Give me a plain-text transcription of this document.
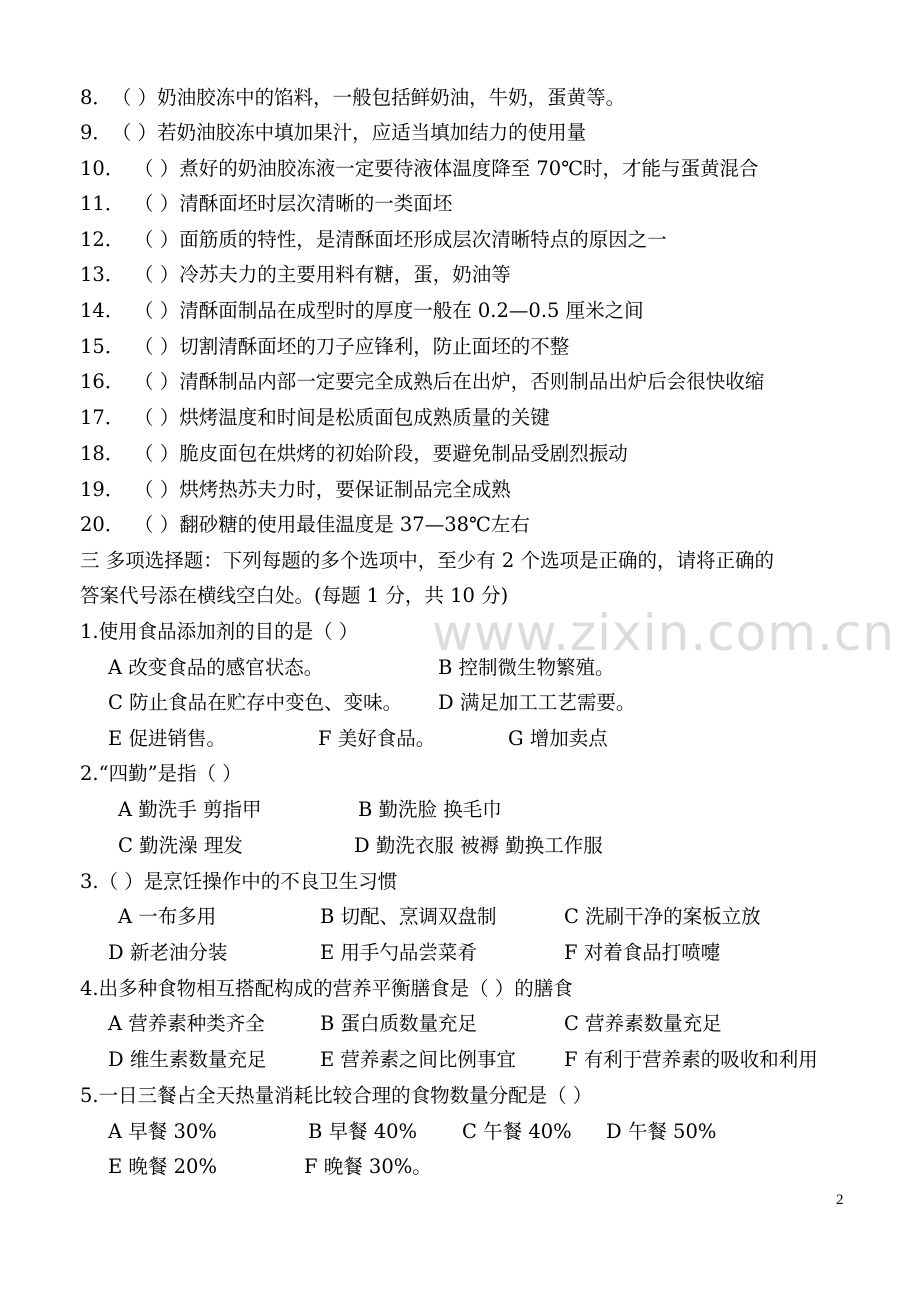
8．（ ）奶油胶冻中的馅料，一般包括鲜奶油，牛奶，蛋黄等。
9．（ ）若奶油胶冻中填加果汁，应适当填加结力的使用量
10． （ ）煮好的奶油胶冻液一定要待液体温度降至 70℃时，才能与蛋黄混合
11． （ ）清酥面坯时层次清晰的一类面坯
12． （ ）面筋质的特性，是清酥面坯形成层次清晰特点的原因之一
13． （ ）冷苏夫力的主要用料有糖，蛋，奶油等
14． （ ）清酥面制品在成型时的厚度一般在 0.2—0.5 厘米之间
15． （ ）切割清酥面坯的刀子应锋利，防止面坯的不整
16． （ ）清酥制品内部一定要完全成熟后在出炉，否则制品出炉后会很快收缩
17． （ ）烘烤温度和时间是松质面包成熟质量的关键
18． （ ）脆皮面包在烘烤的初始阶段，要避免制品受剧烈振动
19． （ ）烘烤热苏夫力时，要保证制品完全成熟
20． （ ）翻砂糖的使用最佳温度是 37—38℃左右
三 多项选择题：下列每题的多个选项中，至少有 2 个选项是正确的，请将正确的
答案代号添在横线空白处。(每题 1 分，共 10 分)
1.使用食品添加剂的目的是（ ）
A 改变食品的感官状态。	B 控制微生物繁殖。
C 防止食品在贮存中变色、变味。 D 满足加工工艺需要。
E 促进销售。	F 美好食品。	G 增加卖点
2.“四勤”是指（ ）
A 勤洗手 剪指甲	B 勤洗脸 换毛巾
C 勤洗澡 理发	D 勤洗衣服 被褥 勤换工作服
3.（ ）是烹饪操作中的不良卫生习惯
A 一布多用	B 切配、烹调双盘制	C 洗刷干净的案板立放
D 新老油分装	E 用手勺品尝菜肴	F 对着食品打喷嚏
4.出多种食物相互搭配构成的营养平衡膳食是（ ）的膳食
A 营养素种类齐全	B 蛋白质数量充足	C 营养素数量充足
D 维生素数量充足	E 营养素之间比例事宜 F 有利于营养素的吸收和利用
5.一日三餐占全天热量消耗比较合理的食物数量分配是（ ）
A 早餐 30%	B 早餐 40% C 午餐 40% D 午餐 50%
E 晚餐 20%	F 晚餐 30%。
www.zixin.com.cn
2
